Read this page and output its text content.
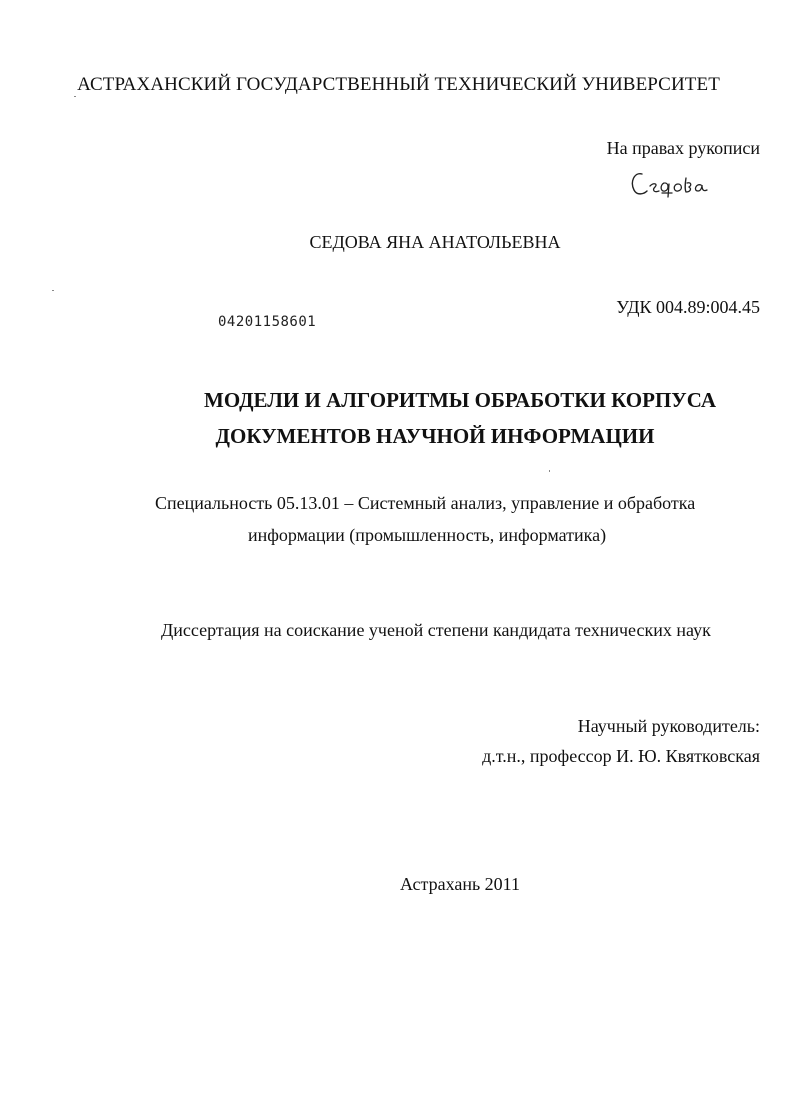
АСТРАХАНСКИЙ ГОСУДАРСТВЕННЫЙ ТЕХНИЧЕСКИЙ УНИВЕРСИТЕТ
На правах рукописи
СЕДОВА ЯНА АНАТОЛЬЕВНА
УДК 004.89:004.45
04201158601
МОДЕЛИ И АЛГОРИТМЫ ОБРАБОТКИ КОРПУСА
ДОКУМЕНТОВ НАУЧНОЙ ИНФОРМАЦИИ
Специальность 05.13.01 – Системный анализ, управление и обработка
информации (промышленность, информатика)
Диссертация на соискание ученой степени кандидата технических наук
Научный руководитель:
д.т.н., профессор И. Ю. Квятковская
Астрахань 2011
